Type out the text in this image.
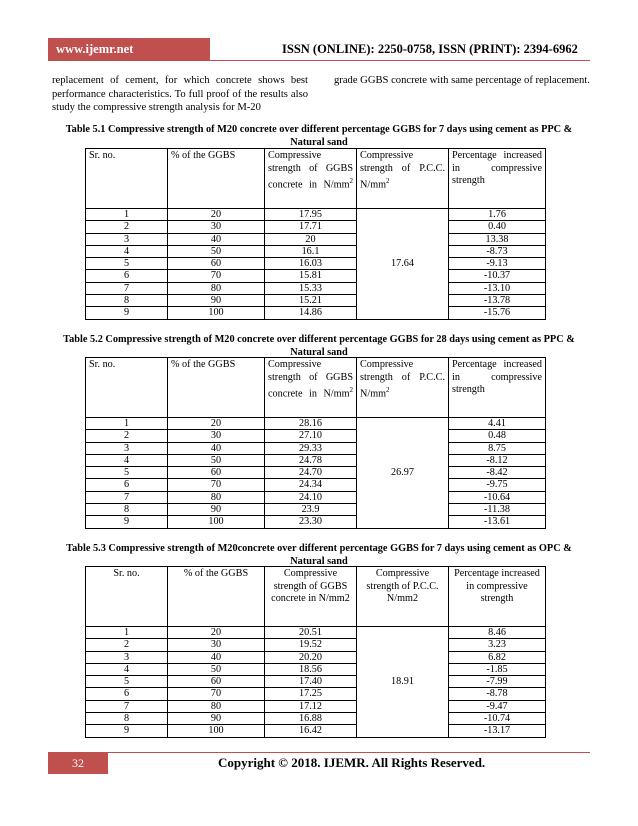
www.ijemr.net	ISSN (ONLINE): 2250-0758, ISSN (PRINT): 2394-6962
replacement of cement, for which concrete shows best performance characteristics. To full proof of the results also study the compressive strength analysis for M-20
grade GGBS concrete with same percentage of replacement.
Table 5.1 Compressive strength of M20 concrete over different percentage GGBS for 7 days using cement as PPC & Natural sand
Sr. no.	% of the GGBS	Compressive strength of GGBS concrete in $N/mm^2$	Compressive strength of P.C.C. $N/mm^2$	Percentage increased in compressive strength
1	20	17.95	17.64	1.76
2	30	17.71		0.40
3	40	20		13.38
4	50	16.1		-8.73
5	60	16.03		-9.13
6	70	15.81		-10.37
7	80	15.33		-13.10
8	90	15.21		-13.78
9	100	14.86		-15.76
Table 5.2 Compressive strength of M20 concrete over different percentage GGBS for 28 days using cement as PPC & Natural sand
Sr. no.	% of the GGBS	Compressive strength of GGBS concrete in $N/mm^2$	Compressive strength of P.C.C. $N/mm^2$	Percentage increased in compressive strength
1	20	28.16	26.97	4.41
2	30	27.10		0.48
3	40	29.33		8.75
4	50	24.78		-8.12
5	60	24.70		-8.42
6	70	24.34		-9.75
7	80	24.10		-10.64
8	90	23.9		-11.38
9	100	23.30		-13.61
Table 5.3 Compressive strength of M20concrete over different percentage GGBS for 7 days using cement as OPC & Natural sand
Sr. no.	% of the GGBS	Compressive strength of GGBS concrete in N/mm2	Compressive strength of P.C.C. N/mm2	Percentage increased in compressive strength
1	20	20.51	18.91	8.46
2	30	19.52		3.23
3	40	20.20		6.82
4	50	18.56		-1.85
5	60	17.40		-7.99
6	70	17.25		-8.78
7	80	17.12		-9.47
8	90	16.88		-10.74
9	100	16.42		-13.17
32	Copyright © 2018. IJEMR. All Rights Reserved.
